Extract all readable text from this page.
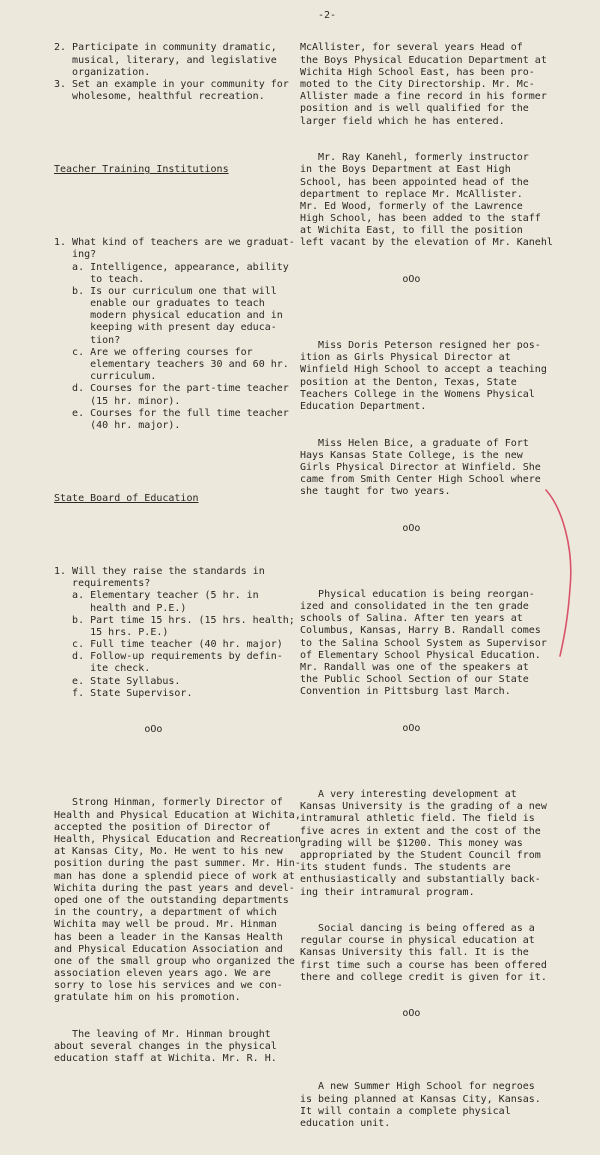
-2-

2. Participate in community dramatic,
musical, literary, and legislative
organization.
3. Set an example in your community for
wholesome, healthful recreation.

Teacher Training Institutions

1. What kind of teachers are we graduat-
ing?
a. Intelligence, appearance, ability
to teach.
b. Is our curriculum one that will
enable our graduates to teach
modern physical education and in
keeping with present day educa-
tion?
c. Are we offering courses for
elementary teachers 30 and 60 hr.
curriculum.
d. Courses for the part-time teacher
(15 hr. minor).
e. Courses for the full time teacher
(40 hr. major).

State Board of Education

1. Will they raise the standards in
requirements?
a. Elementary teacher (5 hr. in
health and P.E.)
b. Part time 15 hrs. (15 hrs. health;
15 hrs. P.E.)
c. Full time teacher (40 hr. major)
d. Follow-up requirements by defin-
ite check.
e. State Syllabus.
f. State Supervisor.

oOo

Strong Hinman, formerly Director of
Health and Physical Education at Wichita,
accepted the position of Director of
Health, Physical Education and Recreation
at Kansas City, Mo. He went to his new
position during the past summer. Mr. Hin-
man has done a splendid piece of work at
Wichita during the past years and devel-
oped one of the outstanding departments
in the country, a department of which
Wichita may well be proud. Mr. Hinman
has been a leader in the Kansas Health
and Physical Education Association and
one of the small group who organized the
association eleven years ago. We are
sorry to lose his services and we con-
gratulate him on his promotion.

The leaving of Mr. Hinman brought
about several changes in the physical
education staff at Wichita. Mr. R. H.

McAllister, for several years Head of
the Boys Physical Education Department at
Wichita High School East, has been pro-
moted to the City Directorship. Mr. Mc-
Allister made a fine record in his former
position and is well qualified for the
larger field which he has entered.

Mr. Ray Kanehl, formerly instructor
in the Boys Department at East High
School, has been appointed head of the
department to replace Mr. McAllister.
Mr. Ed Wood, formerly of the Lawrence
High School, has been added to the staff
at Wichita East, to fill the position
left vacant by the elevation of Mr. Kanehl

oOo

Miss Doris Peterson resigned her pos-
ition as Girls Physical Director at
Winfield High School to accept a teaching
position at the Denton, Texas, State
Teachers College in the Womens Physical
Education Department.

Miss Helen Bice, a graduate of Fort
Hays Kansas State College, is the new
Girls Physical Director at Winfield. She
came from Smith Center High School where
she taught for two years.

oOo

Physical education is being reorgan-
ized and consolidated in the ten grade
schools of Salina. After ten years at
Columbus, Kansas, Harry B. Randall comes
to the Salina School System as Supervisor
of Elementary School Physical Education.
Mr. Randall was one of the speakers at
the Public School Section of our State
Convention in Pittsburg last March.

oOo

A very interesting development at
Kansas University is the grading of a new
intramural athletic field. The field is
five acres in extent and the cost of the
grading will be $1200. This money was
appropriated by the Student Council from
its student funds. The students are
enthusiastically and substantially back-
ing their intramural program.

Social dancing is being offered as a
regular course in physical education at
Kansas University this fall. It is the
first time such a course has been offered
there and college credit is given for it.

oOo

A new Summer High School for negroes
is being planned at Kansas City, Kansas.
It will contain a complete physical
education unit.
